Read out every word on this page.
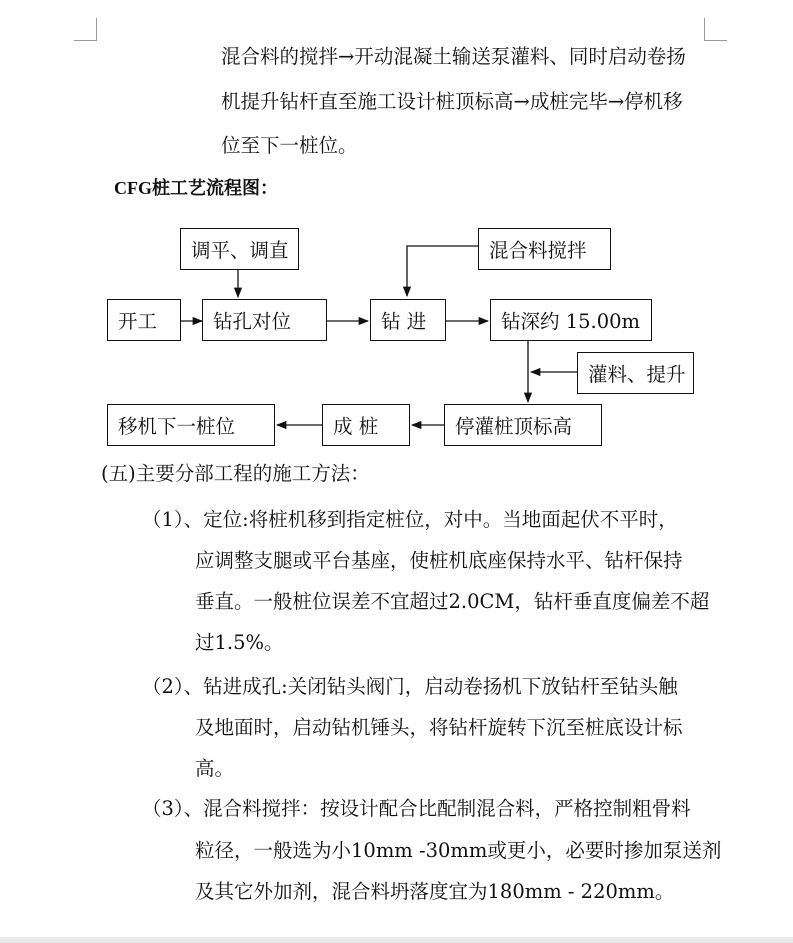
混合料的搅拌→开动混凝土输送泵灌料、同时启动卷扬
机提升钻杆直至施工设计桩顶标高→成桩完毕→停机移
位至下一桩位。
CFG桩工艺流程图：
调平、调直	混合料搅拌
开工	钻孔对位	钻 进	钻深约 15.00m
灌料、提升
停灌桩顶标高
成 桩
移机下一桩位
(五)主要分部工程的施工方法：
（1）、定位:将桩机移到指定桩位，对中。当地面起伏不平时，
应调整支腿或平台基座，使桩机底座保持水平、钻杆保持
垂直。一般桩位误差不宜超过2.0CM，钻杆垂直度偏差不超
过1.5%。
（2）、钻进成孔:关闭钻头阀门，启动卷扬机下放钻杆至钻头触
及地面时，启动钻机锤头，将钻杆旋转下沉至桩底设计标
高。
（3）、混合料搅拌：按设计配合比配制混合料，严格控制粗骨料
粒径，一般选为小10mm -30mm或更小，必要时掺加泵送剂
及其它外加剂，混合料坍落度宜为180mm - 220mm。
